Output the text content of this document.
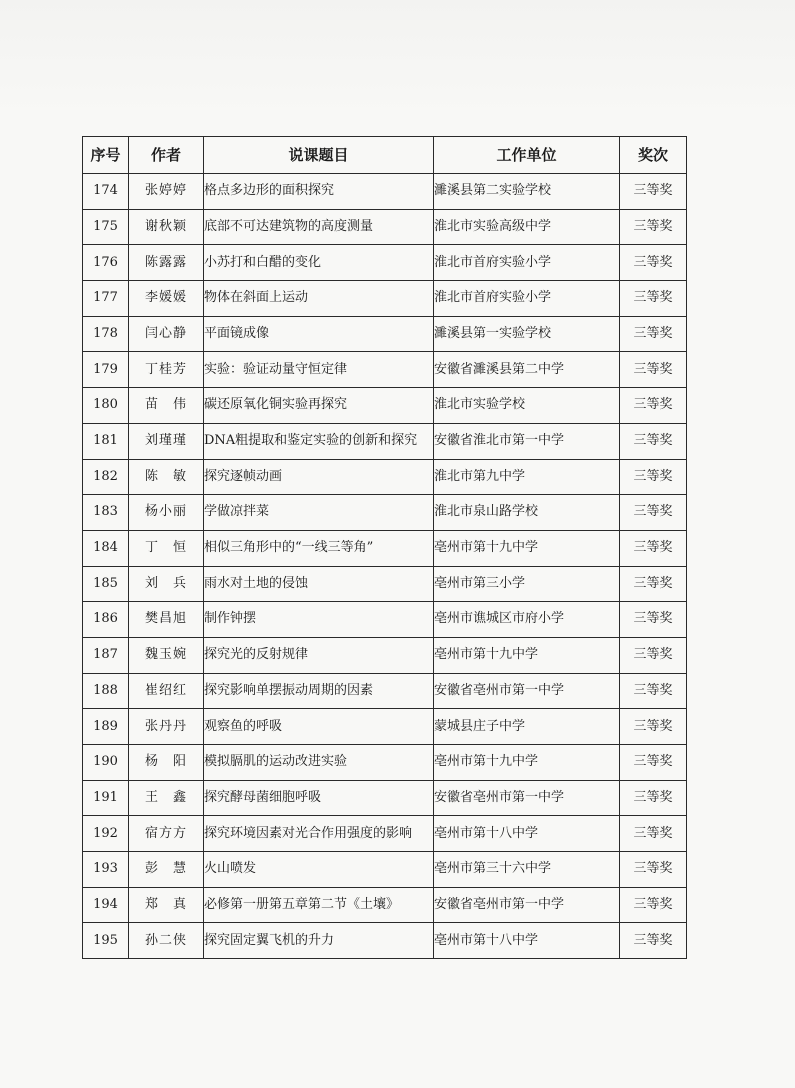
序号	作者	说课题目	工作单位	奖次
174	张婷婷	格点多边形的面积探究	濉溪县第二实验学校	三等奖
175	谢秋颖	底部不可达建筑物的高度测量	淮北市实验高级中学	三等奖
176	陈露露	小苏打和白醋的变化	淮北市首府实验小学	三等奖
177	李媛媛	物体在斜面上运动	淮北市首府实验小学	三等奖
178	闫心静	平面镜成像	濉溪县第一实验学校	三等奖
179	丁桂芳	实验：验证动量守恒定律	安徽省濉溪县第二中学	三等奖
180	苗　伟	碳还原氧化铜实验再探究	淮北市实验学校	三等奖
181	刘瑾瑾	DNA粗提取和鉴定实验的创新和探究	安徽省淮北市第一中学	三等奖
182	陈　敏	探究逐帧动画	淮北市第九中学	三等奖
183	杨小丽	学做凉拌菜	淮北市泉山路学校	三等奖
184	丁　恒	相似三角形中的“一线三等角”	亳州市第十九中学	三等奖
185	刘　兵	雨水对土地的侵蚀	亳州市第三小学	三等奖
186	樊昌旭	制作钟摆	亳州市谯城区市府小学	三等奖
187	魏玉婉	探究光的反射规律	亳州市第十九中学	三等奖
188	崔绍红	探究影响单摆振动周期的因素	安徽省亳州市第一中学	三等奖
189	张丹丹	观察鱼的呼吸	蒙城县庄子中学	三等奖
190	杨　阳	模拟膈肌的运动改进实验	亳州市第十九中学	三等奖
191	王　鑫	探究酵母菌细胞呼吸	安徽省亳州市第一中学	三等奖
192	宿方方	探究环境因素对光合作用强度的影响	亳州市第十八中学	三等奖
193	彭　慧	火山喷发	亳州市第三十六中学	三等奖
194	郑　真	必修第一册第五章第二节《土壤》	安徽省亳州市第一中学	三等奖
195	孙二侠	探究固定翼飞机的升力	亳州市第十八中学	三等奖
